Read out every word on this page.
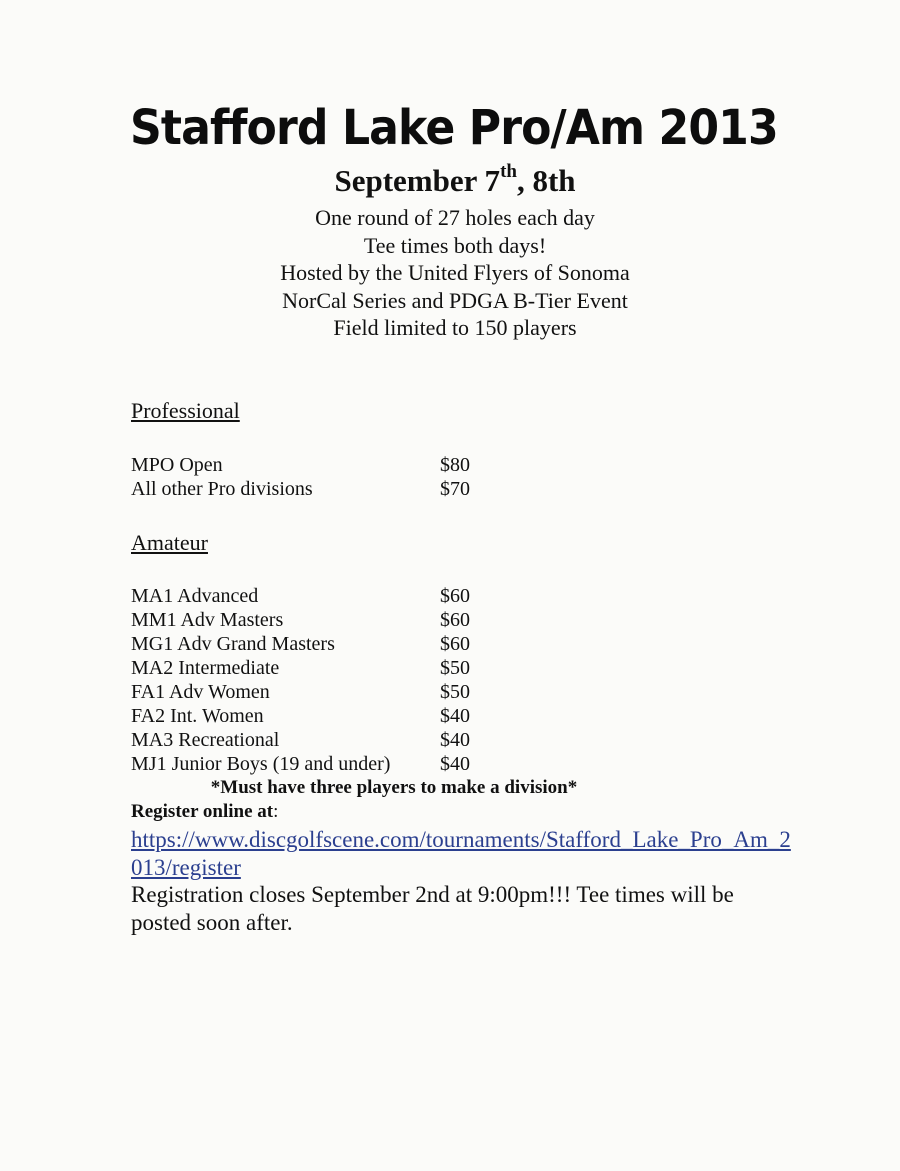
Stafford Lake Pro/Am 2013
September 7th, 8th
One round of 27 holes each day
Tee times both days!
Hosted by the United Flyers of Sonoma
NorCal Series and PDGA B-Tier Event
Field limited to 150 players
Professional
MPO Open	$80
All other Pro divisions	$70
Amateur
MA1 Advanced	$60
MM1 Adv Masters	$60
MG1 Adv Grand Masters	$60
MA2 Intermediate	$50
FA1 Adv Women	$50
FA2 Int. Women	$40
MA3 Recreational	$40
MJ1 Junior Boys (19 and under) $40
*Must have three players to make a division*
Register online at:
https://www.discgolfscene.com/tournaments/Stafford_Lake_Pro_Am_2013/register
Registration closes September 2nd at 9:00pm!!! Tee times will be posted soon after.
